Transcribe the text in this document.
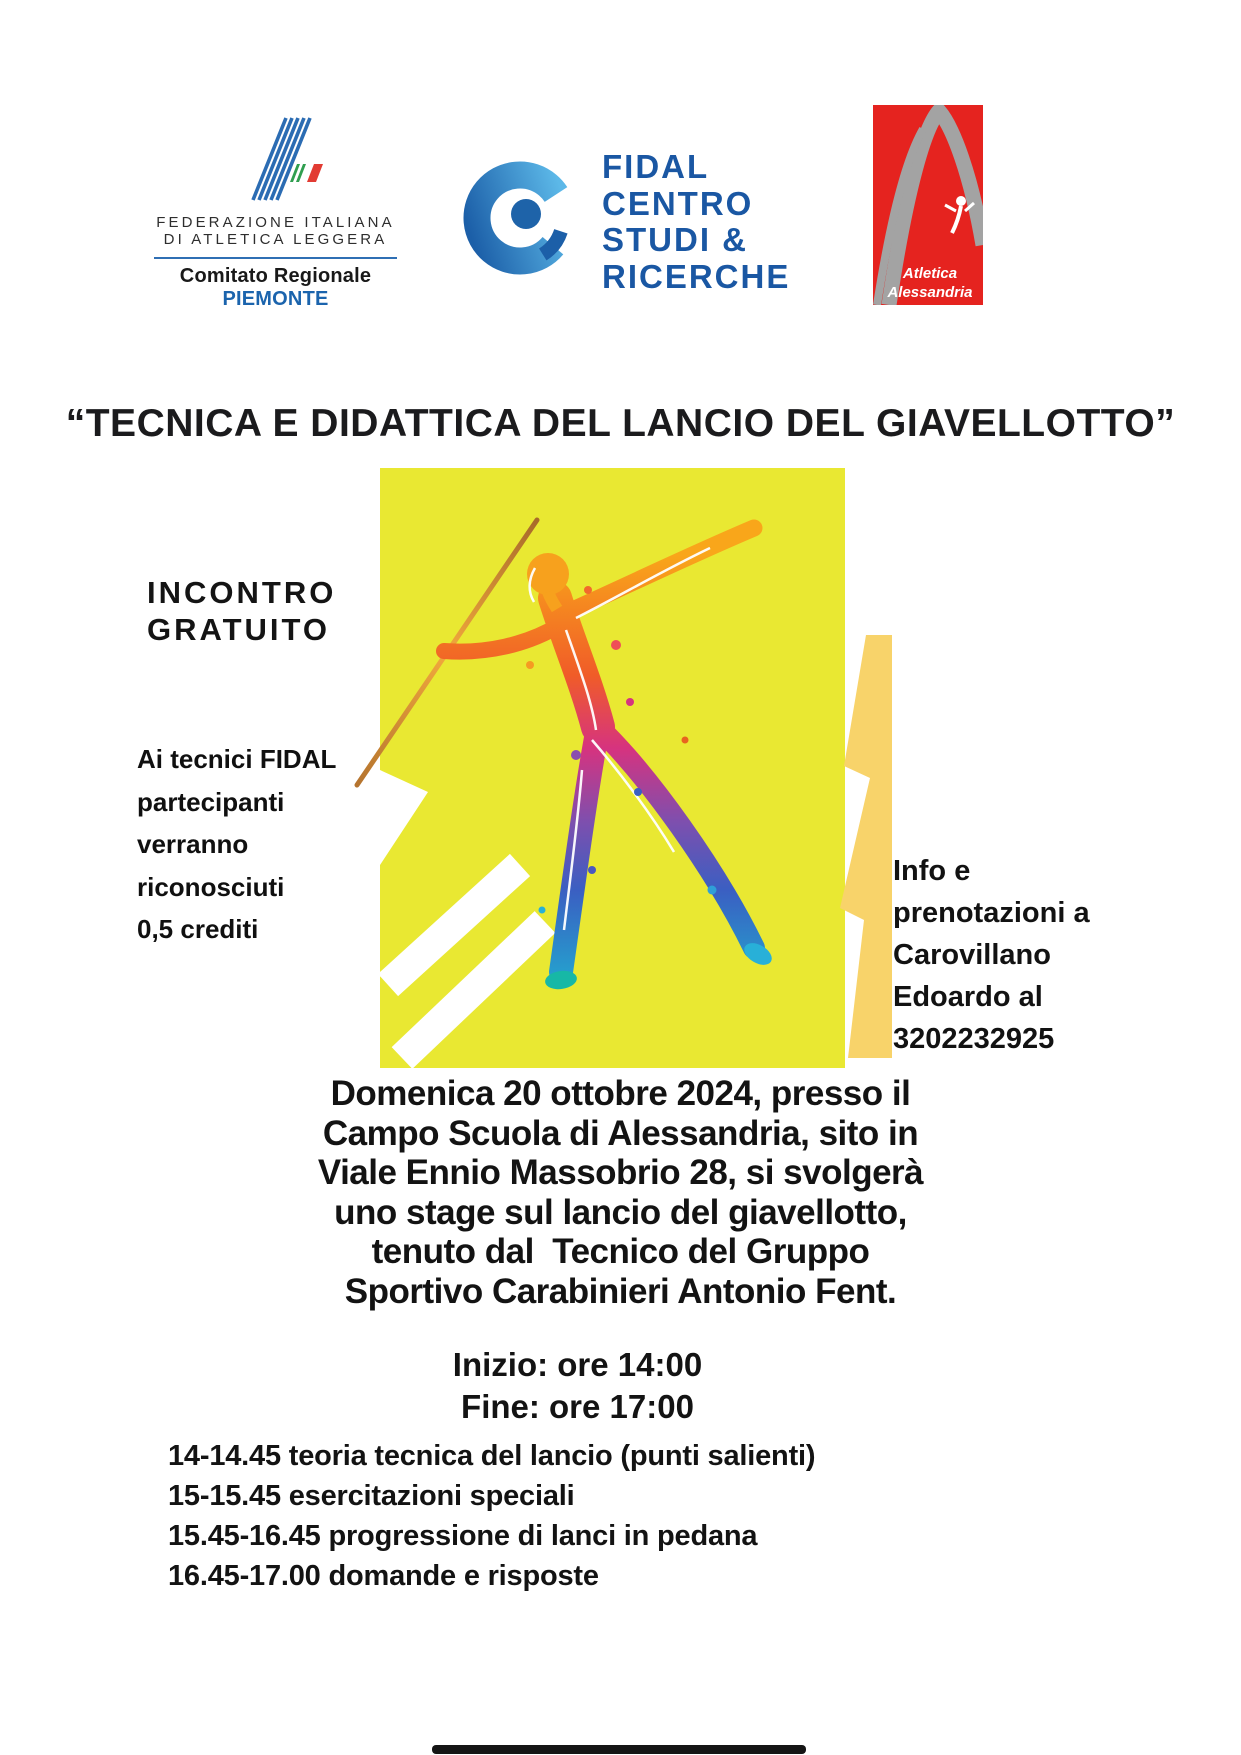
FEDERAZIONE ITALIANA
DI ATLETICA LEGGERA
Comitato Regionale PIEMONTE
FIDAL
CENTRO
STUDI &
RICERCHE	Atletica
Alessandria
“TECNICA E DIDATTICA DEL LANCIO DEL GIAVELLOTTO”
INCONTRO
GRATUITO
Ai tecnici FIDAL
partecipanti
verranno
riconosciuti
0,5 crediti
Info e
prenotazioni a
Carovillano
Edoardo al
3202232925
Domenica 20 ottobre 2024, presso il
Campo Scuola di Alessandria, sito in
Viale Ennio Massobrio 28, si svolgerà
uno stage sul lancio del giavellotto,
tenuto dal  Tecnico del Gruppo
Sportivo Carabinieri Antonio Fent.
Inizio: ore 14:00
Fine: ore 17:00
14-14.45 teoria tecnica del lancio (punti salienti)
15-15.45 esercitazioni speciali
15.45-16.45 progressione di lanci in pedana
16.45-17.00 domande e risposte
